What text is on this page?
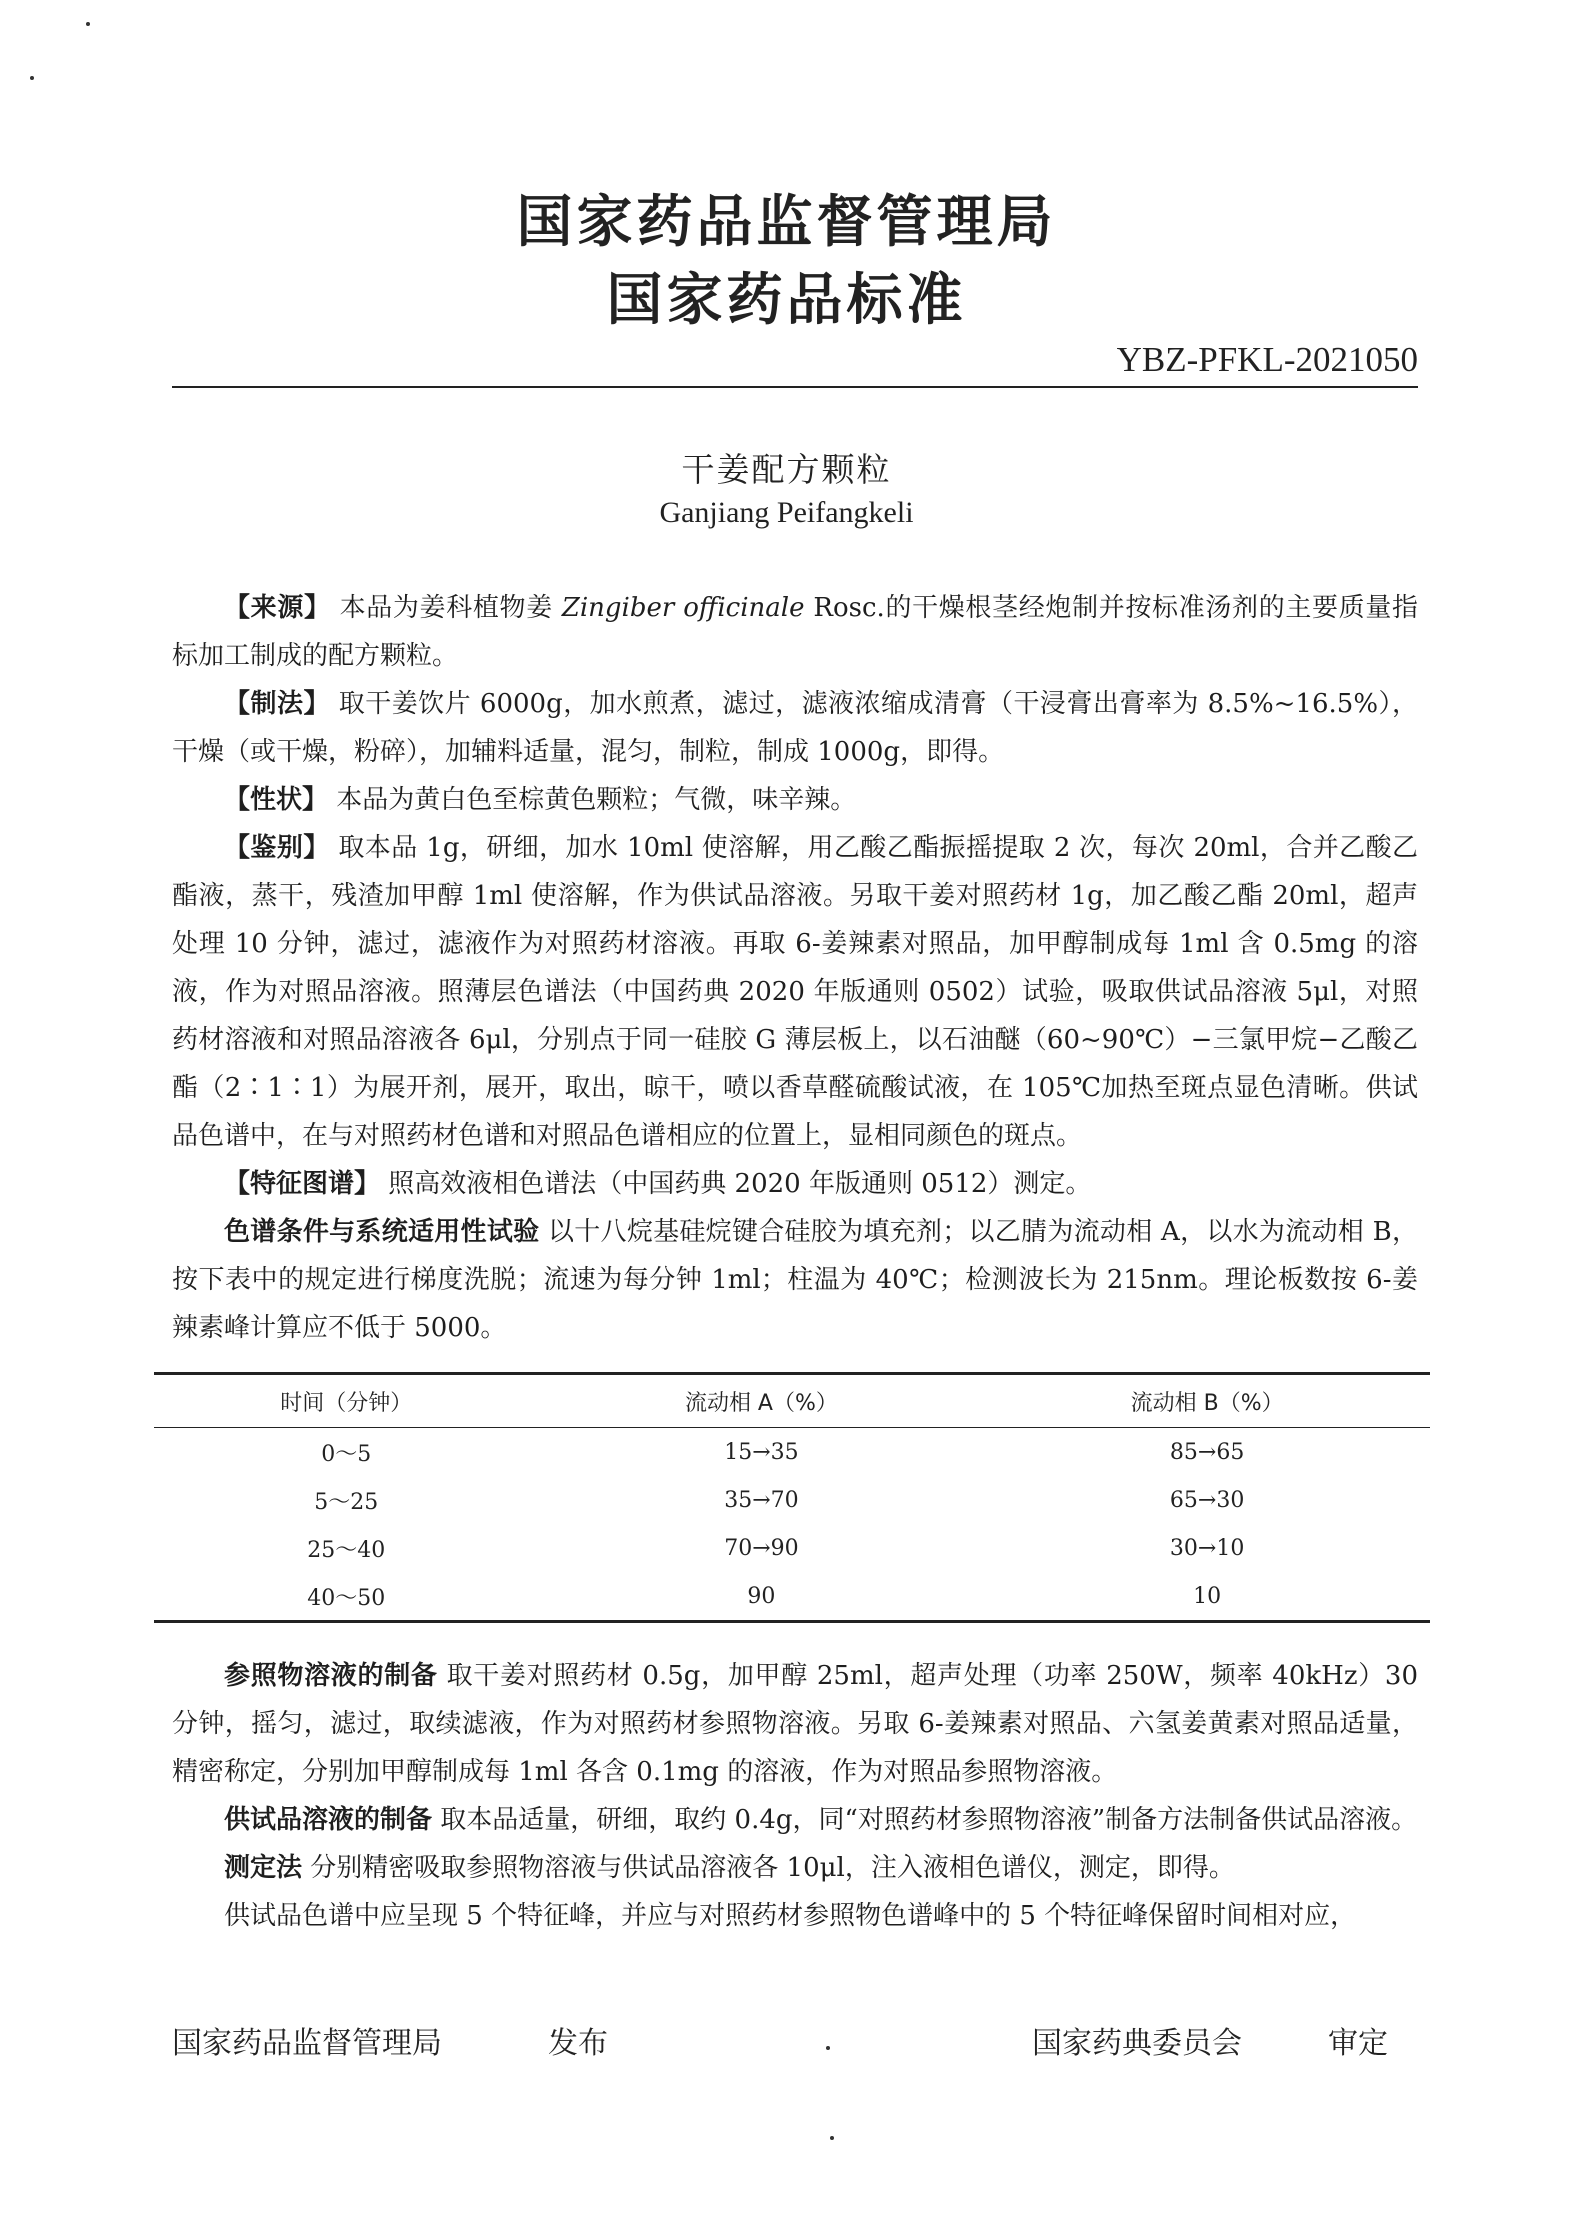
国家药品监督管理局
国家药品标准
YBZ-PFKL-2021050
干姜配方颗粒
Ganjiang Peifangkeli

【来源】 本品为姜科植物姜 Zingiber officinale Rosc.的干燥根茎经炮制并按标准汤剂的主要质量指标加工制成的配方颗粒。

【制法】 取干姜饮片 6000g，加水煎煮，滤过，滤液浓缩成清膏（干浸膏出膏率为 8.5%~16.5%），干燥（或干燥，粉碎），加辅料适量，混匀，制粒，制成 1000g，即得。

【性状】 本品为黄白色至棕黄色颗粒；气微，味辛辣。

【鉴别】 取本品 1g，研细，加水 10ml 使溶解，用乙酸乙酯振摇提取 2 次，每次 20ml，合并乙酸乙酯液，蒸干，残渣加甲醇 1ml 使溶解，作为供试品溶液。另取干姜对照药材 1g，加乙酸乙酯 20ml，超声处理 10 分钟，滤过，滤液作为对照药材溶液。再取 6-姜辣素对照品，加甲醇制成每 1ml 含 0.5mg 的溶液，作为对照品溶液。照薄层色谱法（中国药典 2020 年版通则 0502）试验，吸取供试品溶液 5μl，对照药材溶液和对照品溶液各 6μl，分别点于同一硅胶 G 薄层板上，以石油醚（60~90℃）−三氯甲烷−乙酸乙酯（2∶1∶1）为展开剂，展开，取出，晾干，喷以香草醛硫酸试液，在 105℃加热至斑点显色清晰。供试品色谱中，在与对照药材色谱和对照品色谱相应的位置上，显相同颜色的斑点。

【特征图谱】 照高效液相色谱法（中国药典 2020 年版通则 0512）测定。

色谱条件与系统适用性试验 以十八烷基硅烷键合硅胶为填充剂；以乙腈为流动相 A，以水为流动相 B，按下表中的规定进行梯度洗脱；流速为每分钟 1ml；柱温为 40℃；检测波长为 215nm。理论板数按 6-姜辣素峰计算应不低于 5000。

时间（分钟）	流动相 A（%）	流动相 B（%）
0～5	15→35	85→65
5～25	35→70	65→30
25～40	70→90	30→10
40～50	90	10

参照物溶液的制备 取干姜对照药材 0.5g，加甲醇 25ml，超声处理（功率 250W，频率 40kHz）30 分钟，摇匀，滤过，取续滤液，作为对照药材参照物溶液。另取 6-姜辣素对照品、六氢姜黄素对照品适量，精密称定，分别加甲醇制成每 1ml 各含 0.1mg 的溶液，作为对照品参照物溶液。

供试品溶液的制备 取本品适量，研细，取约 0.4g，同“对照药材参照物溶液”制备方法制备供试品溶液。

测定法 分别精密吸取参照物溶液与供试品溶液各 10μl，注入液相色谱仪，测定，即得。

供试品色谱中应呈现 5 个特征峰，并应与对照药材参照物色谱峰中的 5 个特征峰保留时间相对应，

国家药品监督管理局	发布	国家药典委员会	审定
